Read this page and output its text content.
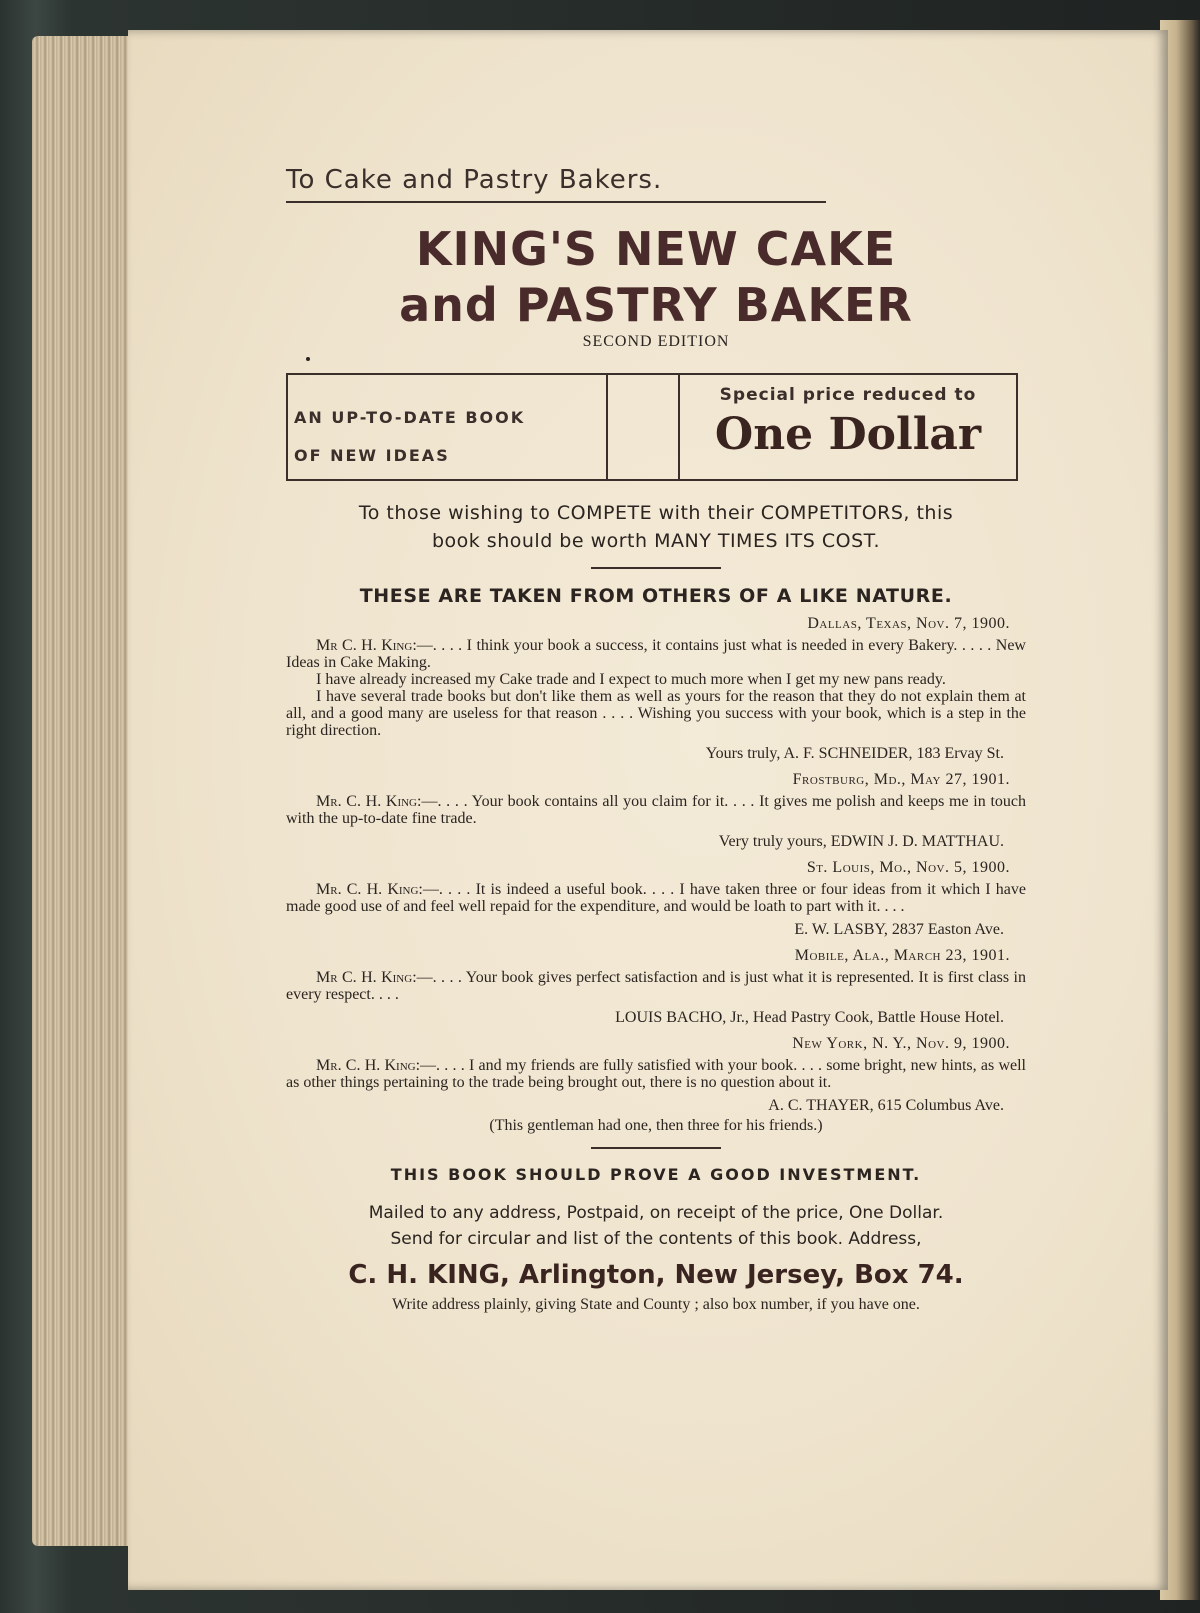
To Cake and Pastry Bakers.
KING'S NEW CAKE
and PASTRY BAKER
SECOND EDITION
AN UP-TO-DATE BOOK
OF NEW IDEAS
Special price reduced to
One Dollar
To those wishing to COMPETE with their COMPETITORS, this
book should be worth MANY TIMES ITS COST.
THESE ARE TAKEN FROM OTHERS OF A LIKE NATURE.
Dallas, Texas, Nov. 7, 1900.

Mr C. H. King:—. . . . I think your book a success, it contains just what is needed in every Bakery. . . . . New Ideas in Cake Making.

I have already increased my Cake trade and I expect to much more when I get my new pans ready.

I have several trade books but don't like them as well as yours for the reason that they do not explain them at all, and a good many are useless for that reason . . . . Wishing you success with your book, which is a step in the right direction.

Yours truly, A. F. SCHNEIDER, 183 Ervay St.
Frostburg, Md., May 27, 1901.

Mr. C. H. King:—. . . . Your book contains all you claim for it. . . . It gives me polish and keeps me in touch with the up-to-date fine trade.

Very truly yours, EDWIN J. D. MATTHAU.
St. Louis, Mo., Nov. 5, 1900.

Mr. C. H. King:—. . . . It is indeed a useful book. . . . I have taken three or four ideas from it which I have made good use of and feel well repaid for the expenditure, and would be loath to part with it. . . .

E. W. LASBY, 2837 Easton Ave.
Mobile, Ala., March 23, 1901.

Mr C. H. King:—. . . . Your book gives perfect satisfaction and is just what it is represented. It is first class in every respect. . . .

LOUIS BACHO, Jr., Head Pastry Cook, Battle House Hotel.
New York, N. Y., Nov. 9, 1900.

Mr. C. H. King:—. . . . I and my friends are fully satisfied with your book. . . . some bright, new hints, as well as other things pertaining to the trade being brought out, there is no question about it.

A. C. THAYER, 615 Columbus Ave.
(This gentleman had one, then three for his friends.)
THIS BOOK SHOULD PROVE A GOOD INVESTMENT.
Mailed to any address, Postpaid, on receipt of the price, One Dollar.
Send for circular and list of the contents of this book. Address,
C. H. KING, Arlington, New Jersey, Box 74.
Write address plainly, giving State and County ; also box number, if you have one.
